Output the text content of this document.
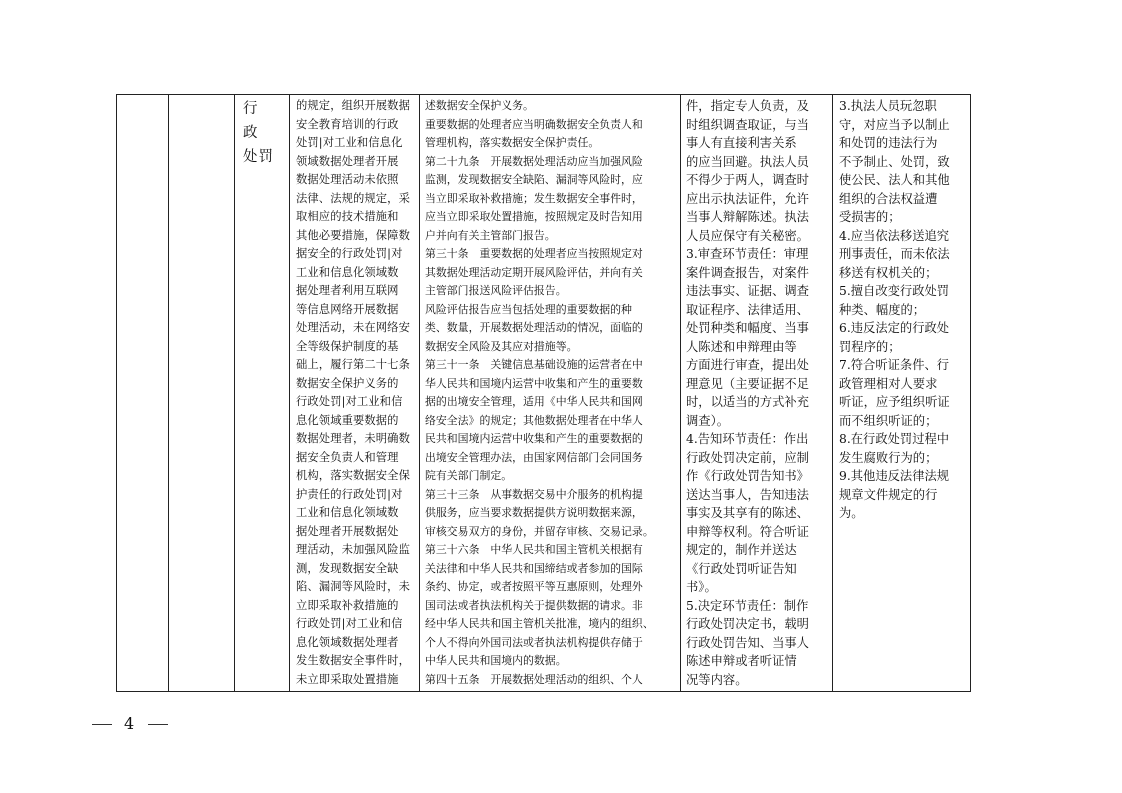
行　政
处罚

的规定，组织开展数据
安全教育培训的行政
处罚|对工业和信息化
领域数据处理者开展
数据处理活动未依照
法律、法规的规定，采
取相应的技术措施和
其他必要措施，保障数
据安全的行政处罚|对
工业和信息化领域数
据处理者利用互联网
等信息网络开展数据
处理活动，未在网络安
全等级保护制度的基
础上，履行第二十七条
数据安全保护义务的
行政处罚|对工业和信
息化领域重要数据的
数据处理者，未明确数
据安全负责人和管理
机构，落实数据安全保
护责任的行政处罚|对
工业和信息化领域数
据处理者开展数据处
理活动，未加强风险监
测，发现数据安全缺
陷、漏洞等风险时，未
立即采取补救措施的
行政处罚|对工业和信
息化领域数据处理者
发生数据安全事件时，
未立即采取处置措施

述数据安全保护义务。
重要数据的处理者应当明确数据安全负责人和
管理机构，落实数据安全保护责任。
第二十九条　开展数据处理活动应当加强风险
监测，发现数据安全缺陷、漏洞等风险时，应
当立即采取补救措施；发生数据安全事件时，
应当立即采取处置措施，按照规定及时告知用
户并向有关主管部门报告。
第三十条　重要数据的处理者应当按照规定对
其数据处理活动定期开展风险评估，并向有关
主管部门报送风险评估报告。
风险评估报告应当包括处理的重要数据的种
类、数量，开展数据处理活动的情况，面临的
数据安全风险及其应对措施等。
第三十一条　关键信息基础设施的运营者在中
华人民共和国境内运营中收集和产生的重要数
据的出境安全管理，适用《中华人民共和国网
络安全法》的规定；其他数据处理者在中华人
民共和国境内运营中收集和产生的重要数据的
出境安全管理办法，由国家网信部门会同国务
院有关部门制定。
第三十三条　从事数据交易中介服务的机构提
供服务，应当要求数据提供方说明数据来源，
审核交易双方的身份，并留存审核、交易记录。
第三十六条　中华人民共和国主管机关根据有
关法律和中华人民共和国缔结或者参加的国际
条约、协定，或者按照平等互惠原则，处理外
国司法或者执法机构关于提供数据的请求。非
经中华人民共和国主管机关批准，境内的组织、
个人不得向外国司法或者执法机构提供存储于
中华人民共和国境内的数据。
第四十五条　开展数据处理活动的组织、个人

件，指定专人负责，及
时组织调查取证，与当
事人有直接利害关系
的应当回避。执法人员
不得少于两人，调查时
应出示执法证件，允许
当事人辩解陈述。执法
人员应保守有关秘密。
3.审查环节责任：审理
案件调查报告，对案件
违法事实、证据、调查
取证程序、法律适用、
处罚种类和幅度、当事
人陈述和申辩理由等
方面进行审查，提出处
理意见（主要证据不足
时，以适当的方式补充
调查）。
4.告知环节责任：作出
行政处罚决定前，应制
作《行政处罚告知书》
送达当事人，告知违法
事实及其享有的陈述、
申辩等权利。符合听证
规定的，制作并送达
《行政处罚听证告知
书》。
5.决定环节责任：制作
行政处罚决定书，载明
行政处罚告知、当事人
陈述申辩或者听证情
况等内容。

3.执法人员玩忽职
守，对应当予以制止
和处罚的违法行为
不予制止、处罚，致
使公民、法人和其他
组织的合法权益遭
受损害的；
4.应当依法移送追究
刑事责任，而未依法
移送有权机关的；
5.擅自改变行政处罚
种类、幅度的；
6.违反法定的行政处
罚程序的；
7.符合听证条件、行
政管理相对人要求
听证，应予组织听证
而不组织听证的；
8.在行政处罚过程中
发生腐败行为的；
9.其他违反法律法规
规章文件规定的行
为。

4
